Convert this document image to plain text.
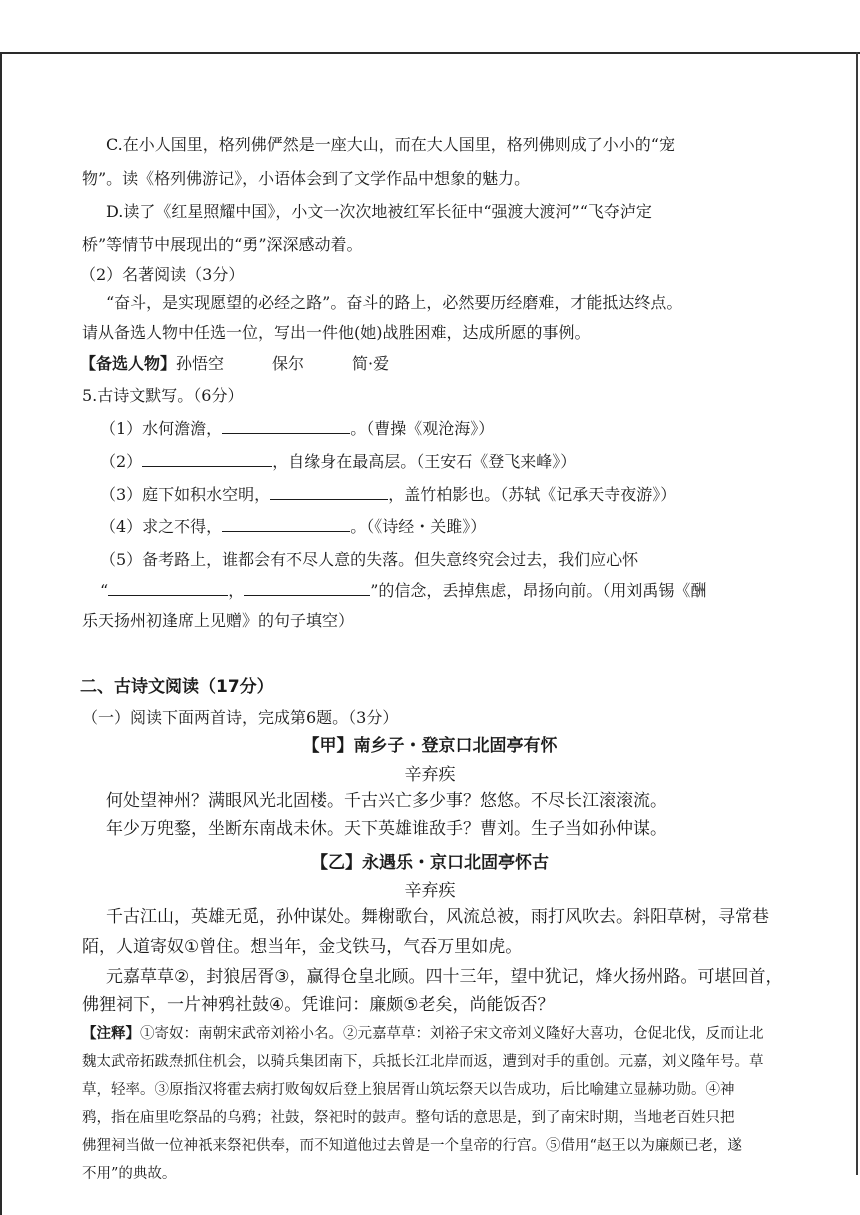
C.在小人国里，格列佛俨然是一座大山，而在大人国里，格列佛则成了小小的“宠
物”。读《格列佛游记》，小语体会到了文学作品中想象的魅力。
D.读了《红星照耀中国》，小文一次次地被红军长征中“强渡大渡河”“飞夺泸定
桥”等情节中展现出的“勇”深深感动着。
（2）名著阅读（3分）
“奋斗，是实现愿望的必经之路”。奋斗的路上，必然要历经磨难，才能抵达终点。
请从备选人物中任选一位，写出一件他(她)战胜困难，达成所愿的事例。
【备选人物】孙悟空	保尔	简·爱
5.古诗文默写。（6分）
（1）水何澹澹，	。（曹操《观沧海》）
（2）	，自缘身在最高层。（王安石《登飞来峰》）
（3）庭下如积水空明，	，盖竹柏影也。（苏轼《记承天寺夜游》）
（4）求之不得，	。（《诗经・关雎》）
（5）备考路上，谁都会有不尽人意的失落。但失意终究会过去，我们应心怀
“	，	”的信念，丢掉焦虑，昂扬向前。（用刘禹锡《酬
乐天扬州初逢席上见赠》的句子填空）
二、古诗文阅读（17分）
（一）阅读下面两首诗，完成第6题。（3分）
【甲】南乡子・登京口北固亭有怀
辛弃疾
何处望神州？满眼风光北固楼。千古兴亡多少事？悠悠。不尽长江滚滚流。
年少万兜鍪，坐断东南战未休。天下英雄谁敌手？曹刘。生子当如孙仲谋。
【乙】永遇乐・京口北固亭怀古
辛弃疾
千古江山，英雄无觅，孙仲谋处。舞榭歌台，风流总被，雨打风吹去。斜阳草树，寻常巷
陌，人道寄奴①曾住。想当年，金戈铁马，气吞万里如虎。
元嘉草草②，封狼居胥③，赢得仓皇北顾。四十三年，望中犹记，烽火扬州路。可堪回首，
佛狸祠下，一片神鸦社鼓④。凭谁问：廉颇⑤老矣，尚能饭否？
【注释】①寄奴：南朝宋武帝刘裕小名。②元嘉草草：刘裕子宋文帝刘义隆好大喜功，仓促北伐，反而让北
魏太武帝拓跋焘抓住机会，以骑兵集团南下，兵抵长江北岸而返，遭到对手的重创。元嘉，刘义隆年号。草
草，轻率。③原指汉将霍去病打败匈奴后登上狼居胥山筑坛祭天以告成功，后比喻建立显赫功勋。④神
鸦，指在庙里吃祭品的乌鸦；社鼓，祭祀时的鼓声。整句话的意思是，到了南宋时期，当地老百姓只把
佛狸祠当做一位神祇来祭祀供奉，而不知道他过去曾是一个皇帝的行宫。⑤借用“赵王以为廉颇已老，遂
不用”的典故。
